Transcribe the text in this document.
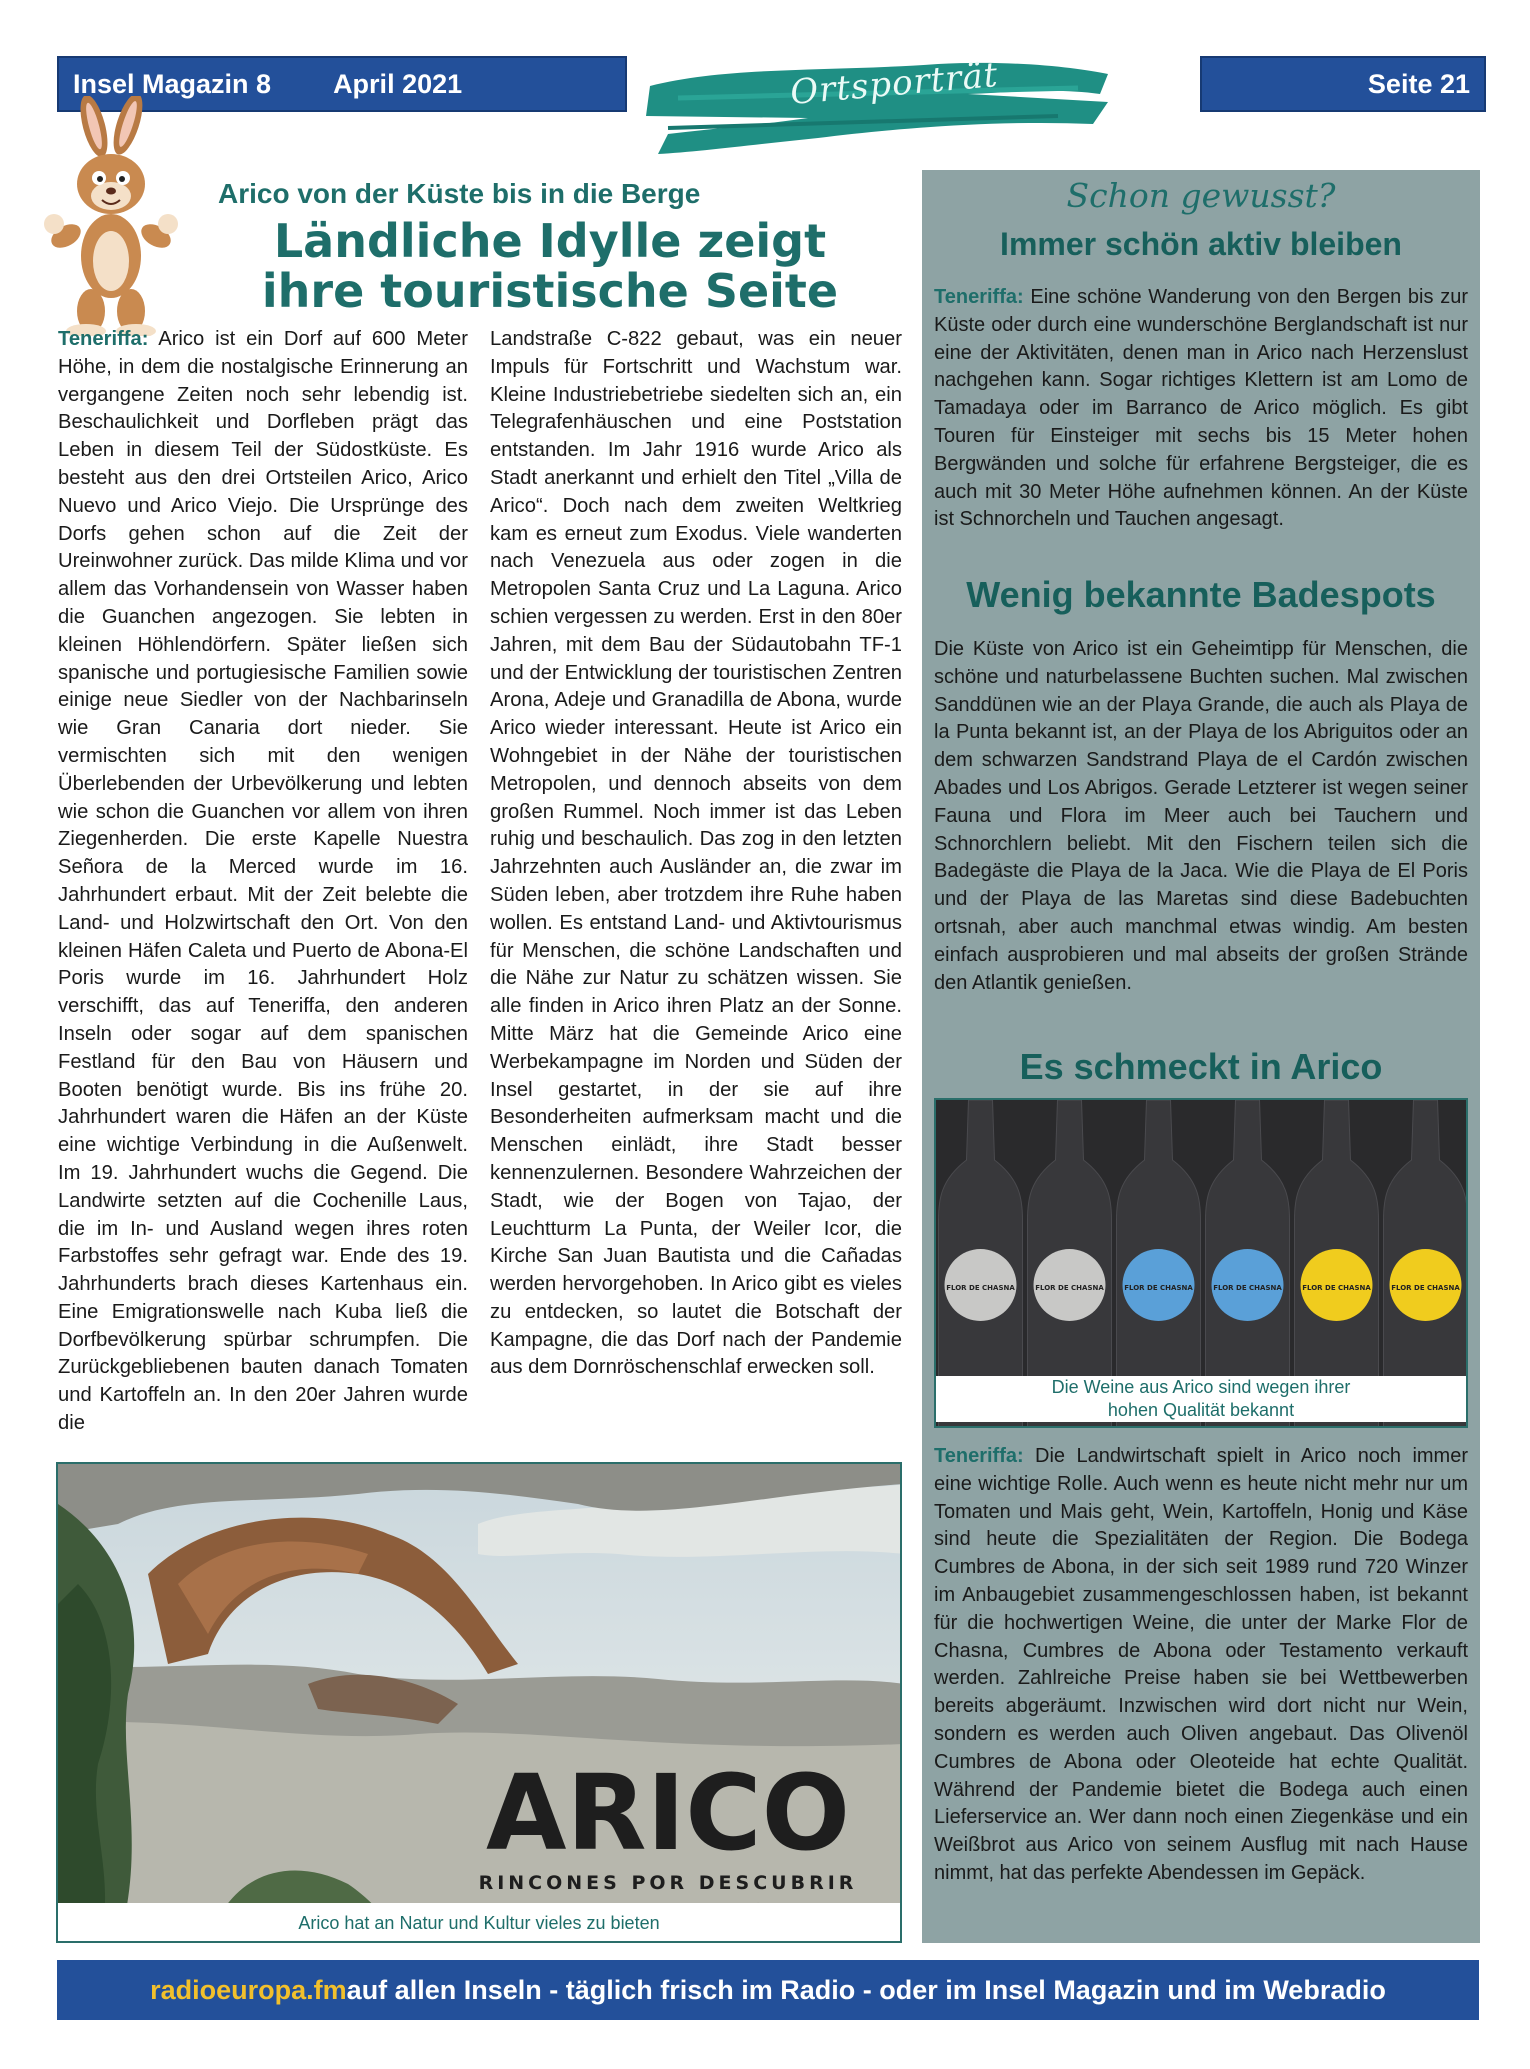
Insel Magazin 8 April 2021	Ortsporträt	Seite 21
Arico von der Küste bis in die Berge
Ländliche Idylle zeigt
ihre touristische Seite
Teneriffa: Arico ist ein Dorf auf 600 Meter Höhe, in dem die nostalgische Erinnerung an vergangene Zeiten noch sehr lebendig ist. Beschaulichkeit und Dorfleben prägt das Leben in diesem Teil der Südostküste. Es besteht aus den drei Ortsteilen Arico, Arico Nuevo und Arico Viejo. Die Ursprünge des Dorfs gehen schon auf die Zeit der Ureinwohner zurück. Das milde Klima und vor allem das Vorhandensein von Wasser haben die Guanchen angezogen. Sie lebten in kleinen Höhlendörfern. Später ließen sich spanische und portugiesische Familien sowie einige neue Siedler von der Nachbarinseln wie Gran Canaria dort nieder. Sie vermischten sich mit den wenigen Überlebenden der Urbevölkerung und lebten wie schon die Guanchen vor allem von ihren Ziegenherden. Die erste Kapelle Nuestra Señora de la Merced wurde im 16. Jahrhundert erbaut. Mit der Zeit belebte die Land- und Holzwirtschaft den Ort. Von den kleinen Häfen Caleta und Puerto de Abona-El Poris wurde im 16. Jahrhundert Holz verschifft, das auf Teneriffa, den anderen Inseln oder sogar auf dem spanischen Festland für den Bau von Häusern und Booten benötigt wurde. Bis ins frühe 20. Jahrhundert waren die Häfen an der Küste eine wichtige Verbindung in die Außenwelt. Im 19. Jahrhundert wuchs die Gegend. Die Landwirte setzten auf die Cochenille Laus, die im In- und Ausland wegen ihres roten Farbstoffes sehr gefragt war. Ende des 19. Jahrhunderts brach dieses Kartenhaus ein. Eine Emigrationswelle nach Kuba ließ die Dorfbevölkerung spürbar schrumpfen. Die Zurückgebliebenen bauten danach Tomaten und Kartoffeln an. In den 20er Jahren wurde die
Landstraße C-822 gebaut, was ein neuer Impuls für Fortschritt und Wachstum war. Kleine Industriebetriebe siedelten sich an, ein Telegrafenhäuschen und eine Poststation entstanden. Im Jahr 1916 wurde Arico als Stadt anerkannt und erhielt den Titel „Villa de Arico“. Doch nach dem zweiten Weltkrieg kam es erneut zum Exodus. Viele wanderten nach Venezuela aus oder zogen in die Metropolen Santa Cruz und La Laguna. Arico schien vergessen zu werden. Erst in den 80er Jahren, mit dem Bau der Südautobahn TF-1 und der Entwicklung der touristischen Zentren Arona, Adeje und Granadilla de Abona, wurde Arico wieder interessant. Heute ist Arico ein Wohngebiet in der Nähe der touristischen Metropolen, und dennoch abseits von dem großen Rummel. Noch immer ist das Leben ruhig und beschaulich. Das zog in den letzten Jahrzehnten auch Ausländer an, die zwar im Süden leben, aber trotzdem ihre Ruhe haben wollen. Es entstand Land- und Aktivtourismus für Menschen, die schöne Landschaften und die Nähe zur Natur zu schätzen wissen. Sie alle finden in Arico ihren Platz an der Sonne. Mitte März hat die Gemeinde Arico eine Werbekampagne im Norden und Süden der Insel gestartet, in der sie auf ihre Besonderheiten aufmerksam macht und die Menschen einlädt, ihre Stadt besser kennenzulernen. Besondere Wahrzeichen der Stadt, wie der Bogen von Tajao, der Leuchtturm La Punta, der Weiler Icor, die Kirche San Juan Bautista und die Cañadas werden hervorgehoben. In Arico gibt es vieles zu entdecken, so lautet die Botschaft der Kampagne, die das Dorf nach der Pandemie aus dem Dornröschenschlaf erwecken soll.
ARICO
RINCONES POR DESCUBRIR
Arico hat an Natur und Kultur vieles zu bieten
Schon gewusst?
Immer schön aktiv bleiben
Teneriffa: Eine schöne Wanderung von den Bergen bis zur Küste oder durch eine wunderschöne Berglandschaft ist nur eine der Aktivitäten, denen man in Arico nach Herzenslust nachgehen kann. Sogar richtiges Klettern ist am Lomo de Tamadaya oder im Barranco de Arico möglich. Es gibt Touren für Einsteiger mit sechs bis 15 Meter hohen Bergwänden und solche für erfahrene Bergsteiger, die es auch mit 30 Meter Höhe aufnehmen können. An der Küste ist Schnorcheln und Tauchen angesagt.
Wenig bekannte Badespots
Die Küste von Arico ist ein Geheimtipp für Menschen, die schöne und naturbelassene Buchten suchen. Mal zwischen Sanddünen wie an der Playa Grande, die auch als Playa de la Punta bekannt ist, an der Playa de los Abriguitos oder an dem schwarzen Sandstrand Playa de el Cardón zwischen Abades und Los Abrigos. Gerade Letzterer ist wegen seiner Fauna und Flora im Meer auch bei Tauchern und Schnorchlern beliebt. Mit den Fischern teilen sich die Badegäste die Playa de la Jaca. Wie die Playa de El Poris und der Playa de las Maretas sind diese Badebuchten ortsnah, aber auch manchmal etwas windig. Am besten einfach ausprobieren und mal abseits der großen Strände den Atlantik genießen.
Es schmeckt in Arico
FLOR DE CHASNA	FLOR DE CHASNA	FLOR DE CHASNA	FLOR DE CHASNA	FLOR DE CHASNA	FLOR DE CHASNA
Die Weine aus Arico sind wegen ihrer
hohen Qualität bekannt
Teneriffa: Die Landwirtschaft spielt in Arico noch immer eine wichtige Rolle. Auch wenn es heute nicht mehr nur um Tomaten und Mais geht, Wein, Kartoffeln, Honig und Käse sind heute die Spezialitäten der Region. Die Bodega Cumbres de Abona, in der sich seit 1989 rund 720 Winzer im Anbaugebiet zusammengeschlossen haben, ist bekannt für die hochwertigen Weine, die unter der Marke Flor de Chasna, Cumbres de Abona oder Testamento verkauft werden. Zahlreiche Preise haben sie bei Wettbewerben bereits abgeräumt. Inzwischen wird dort nicht nur Wein, sondern es werden auch Oliven angebaut. Das Olivenöl Cumbres de Abona oder Oleoteide hat echte Qualität. Während der Pandemie bietet die Bodega auch einen Lieferservice an. Wer dann noch einen Ziegenkäse und ein Weißbrot aus Arico von seinem Ausflug mit nach Hause nimmt, hat das perfekte Abendessen im Gepäck.
radioeuropa.fm auf allen Inseln - täglich frisch im Radio - oder im Insel Magazin und im Webradio
